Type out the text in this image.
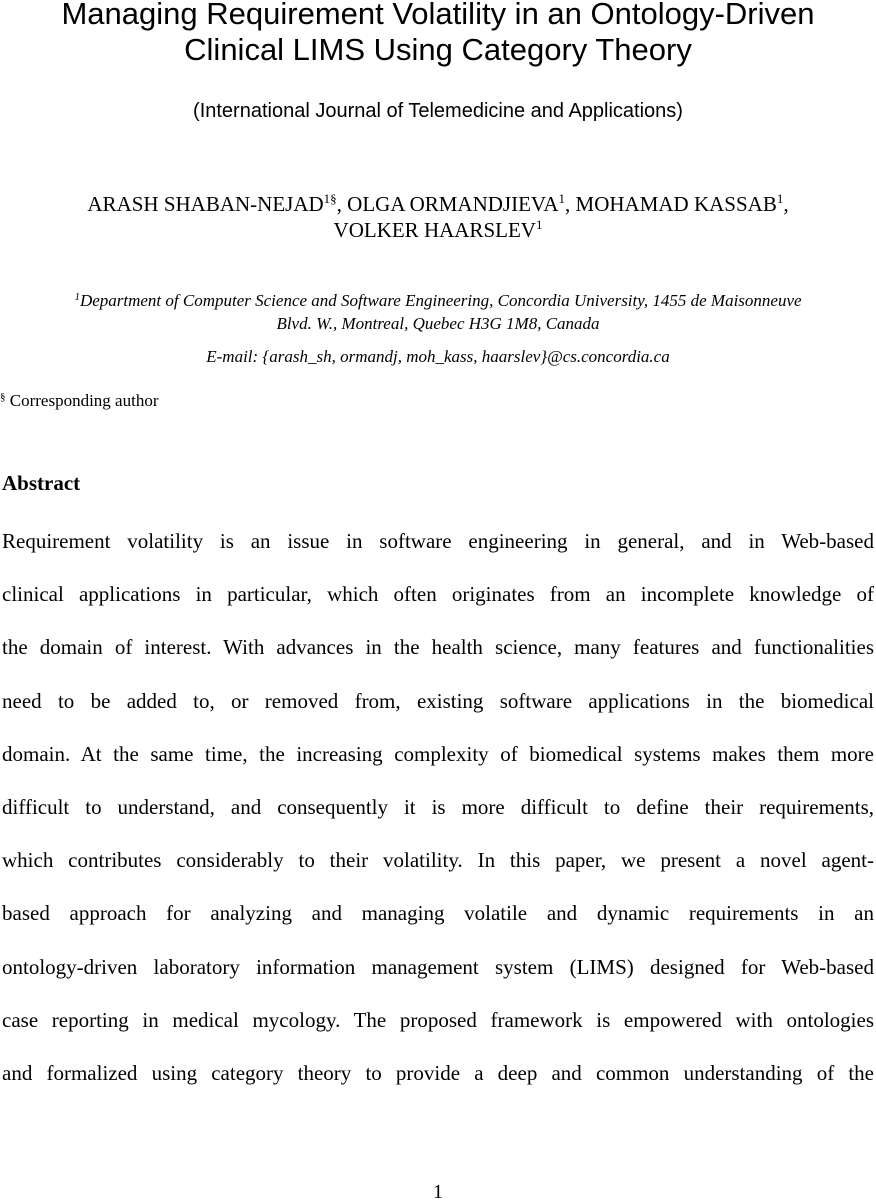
Managing Requirement Volatility in an Ontology-Driven
Clinical LIMS Using Category Theory
(International Journal of Telemedicine and Applications)
ARASH SHABAN-$NEJAD^{1\S}$, OLGA ORMANDJIEVA$^1$, MOHAMAD KASSAB$^1$,
VOLKER HAARSLEV$^1$
$^1$Department of Computer Science and Software Engineering, Concordia University, 1455 de Maisonneuve
Blvd. W., Montreal, Quebec H3G 1M8, Canada
E-mail: {arash_sh, ormandj, moh_kass, haarslev}@cs.concordia.ca
§ Corresponding author
Abstract
Requirement volatility is an issue in software engineering in general, and in Web-based
clinical applications in particular, which often originates from an incomplete knowledge of
the domain of interest. With advances in the health science, many features and functionalities
need to be added to, or removed from, existing software applications in the biomedical
domain. At the same time, the increasing complexity of biomedical systems makes them more
difficult to understand, and consequently it is more difficult to define their requirements,
which contributes considerably to their volatility. In this paper, we present a novel agent-
based approach for analyzing and managing volatile and dynamic requirements in an
ontology-driven laboratory information management system (LIMS) designed for Web-based
case reporting in medical mycology. The proposed framework is empowered with ontologies
and formalized using category theory to provide a deep and common understanding of the
1
